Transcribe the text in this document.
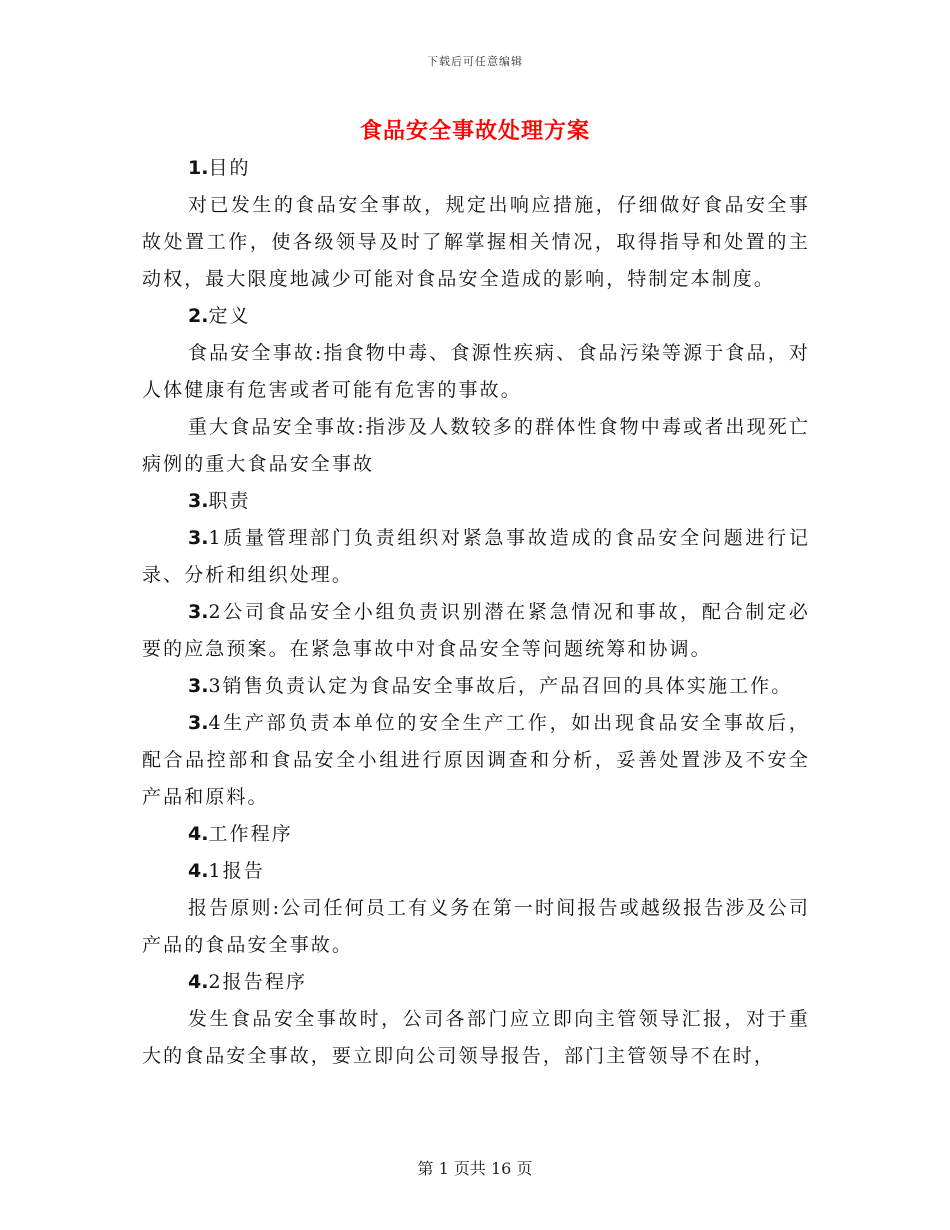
下载后可任意编辑
食品安全事故处理方案

1.目的

对已发生的食品安全事故，规定出响应措施，仔细做好食品安全事故处置工作，使各级领导及时了解掌握相关情况，取得指导和处置的主动权，最大限度地减少可能对食品安全造成的影响，特制定本制度。

2.定义

食品安全事故:指食物中毒、食源性疾病、食品污染等源于食品，对人体健康有危害或者可能有危害的事故。

重大食品安全事故:指涉及人数较多的群体性食物中毒或者出现死亡病例的重大食品安全事故

3.职责

3.1质量管理部门负责组织对紧急事故造成的食品安全问题进行记录、分析和组织处理。

3.2公司食品安全小组负责识别潜在紧急情况和事故，配合制定必要的应急预案。在紧急事故中对食品安全等问题统筹和协调。

3.3销售负责认定为食品安全事故后，产品召回的具体实施工作。

3.4生产部负责本单位的安全生产工作，如出现食品安全事故后，配合品控部和食品安全小组进行原因调查和分析，妥善处置涉及不安全产品和原料。

4.工作程序

4.1报告

报告原则:公司任何员工有义务在第一时间报告或越级报告涉及公司产品的食品安全事故。

4.2报告程序

发生食品安全事故时，公司各部门应立即向主管领导汇报，对于重大的食品安全事故，要立即向公司领导报告，部门主管领导不在时，

第 1 页共 16 页
